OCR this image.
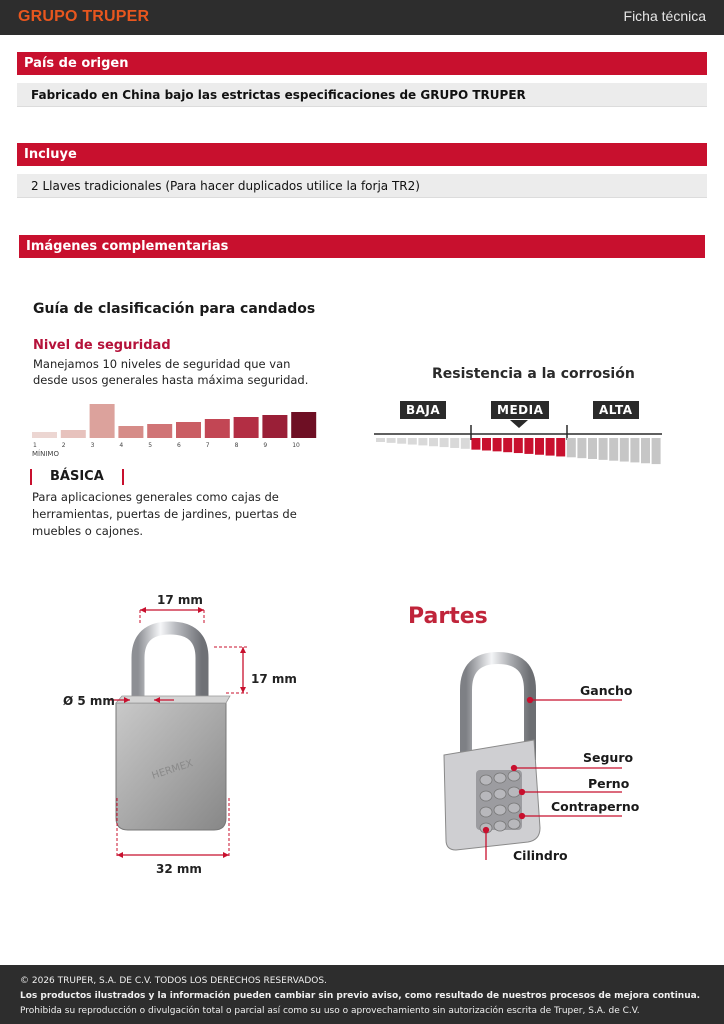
GRUPO TRUPER	Ficha técnica
País de origen
Fabricado en China bajo las estrictas especificaciones de GRUPO TRUPER
Incluye
2 Llaves tradicionales (Para hacer duplicados utilice la forja TR2)
Imágenes complementarias
Guía de clasificación para candados
Nivel de seguridad
Manejamos 10 niveles de seguridad que van desde usos generales hasta máxima seguridad.
1	2	3	4	5	6	7	8	9	10
MÍNIMO
BÁSICA
Para aplicaciones generales como cajas de herramientas, puertas de jardines, puertas de muebles o cajones.
Resistencia a la corrosión
BAJA	MEDIA	ALTA
HERMEX
17 mm
17 mm
Ø 5 mm
32 mm
Partes
Gancho
Seguro
Perno
Contraperno
Cilindro
© 2026 TRUPER, S.A. DE C.V. TODOS LOS DERECHOS RESERVADOS.
Los productos ilustrados y la información pueden cambiar sin previo aviso, como resultado de nuestros procesos de mejora continua.
Prohibida su reproducción o divulgación total o parcial así como su uso o aprovechamiento sin autorización escrita de Truper, S.A. de C.V.
